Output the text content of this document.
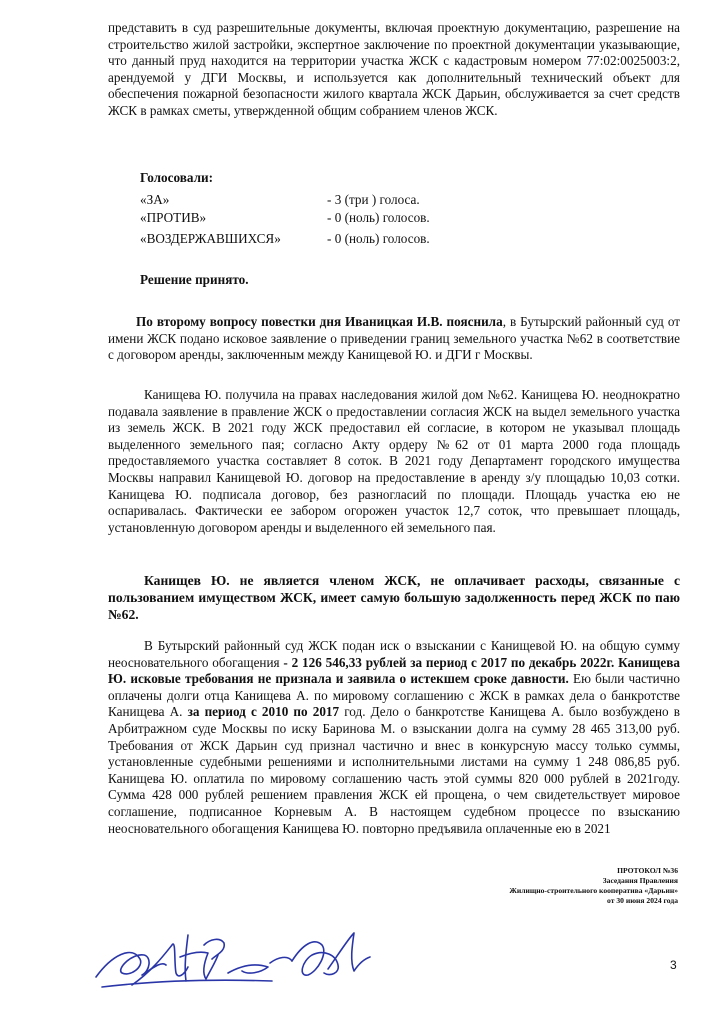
представить в суд разрешительные документы, включая проектную документацию, разрешение на строительство жилой застройки, экспертное заключение по проектной документации указывающие, что данный пруд находится на территории участка ЖСК с кадастровым номером 77:02:0025003:2, арендуемой у ДГИ Москвы, и используется как дополнительный технический объект для обеспечения пожарной безопасности жилого квартала ЖСК Дарьин, обслуживается за счет средств ЖСК в рамках сметы, утвержденной общим собранием членов ЖСК.

Голосовали:
«ЗА»	- 3 (три ) голоса.
«ПРОТИВ»	- 0 (ноль) голосов.
«ВОЗДЕРЖАВШИХСЯ»	- 0 (ноль) голосов.
Решение принято.

По второму вопросу повестки дня Иваницкая И.В. пояснила, в Бутырский районный суд от имени ЖСК подано исковое заявление о приведении границ земельного участка №62 в соответствие с договором аренды, заключенным между Канищевой Ю. и ДГИ г Москвы.

Канищева Ю. получила на правах наследования жилой дом №62. Канищева Ю. неоднократно подавала заявление в правление ЖСК о предоставлении согласия ЖСК на выдел земельного участка из земель ЖСК. В 2021 году ЖСК предоставил ей согласие, в котором не указывал площадь выделенного земельного пая; согласно Акту ордеру №62 от 01 марта 2000 года площадь предоставляемого участка составляет 8 соток. В 2021 году Департамент городского имущества Москвы направил Канищевой Ю. договор на предоставление в аренду з/у площадью 10,03 сотки. Канищева Ю. подписала договор, без разногласий по площади. Площадь участка ею не оспаривалась. Фактически ее забором огорожен участок 12,7 соток, что превышает площадь, установленную договором аренды и выделенного ей земельного пая.

Канищев Ю. не является членом ЖСК, не оплачивает расходы, связанные с пользованием имуществом ЖСК, имеет самую большую задолженность перед ЖСК по паю №62.

В Бутырский районный суд ЖСК подан иск о взыскании с Канищевой Ю. на общую сумму неосновательного обогащения - 2 126 546,33 рублей за период с 2017 по декабрь 2022г. Канищева Ю. исковые требования не признала и заявила о истекшем сроке давности. Ею были частично оплачены долги отца Канищева А. по мировому соглашению с ЖСК в рамках дела о банкротстве Канищева А. за период с 2010 по 2017 год. Дело о банкротстве Канищева А. было возбуждено в Арбитражном суде Москвы по иску Баринова М. о взыскании долга на сумму 28 465 313,00 руб. Требования от ЖСК Дарьин суд признал частично и внес в конкурсную массу только суммы, установленные судебными решениями и исполнительными листами на сумму 1 248 086,85 руб. Канищева Ю. оплатила по мировому соглашению часть этой суммы 820 000 рублей в 2021году. Сумма 428 000 рублей решением правления ЖСК ей прощена, о чем свидетельствует мировое соглашение, подписанное Корневым А. В настоящем судебном процессе по взысканию неосновательного обогащения Канищева Ю. повторно предъявила оплаченные ею в 2021

ПРОТОКОЛ №36
Заседания Правления
Жилищно-строительного кооператива «Дарьин»
от 30 июня 2024 года
3
